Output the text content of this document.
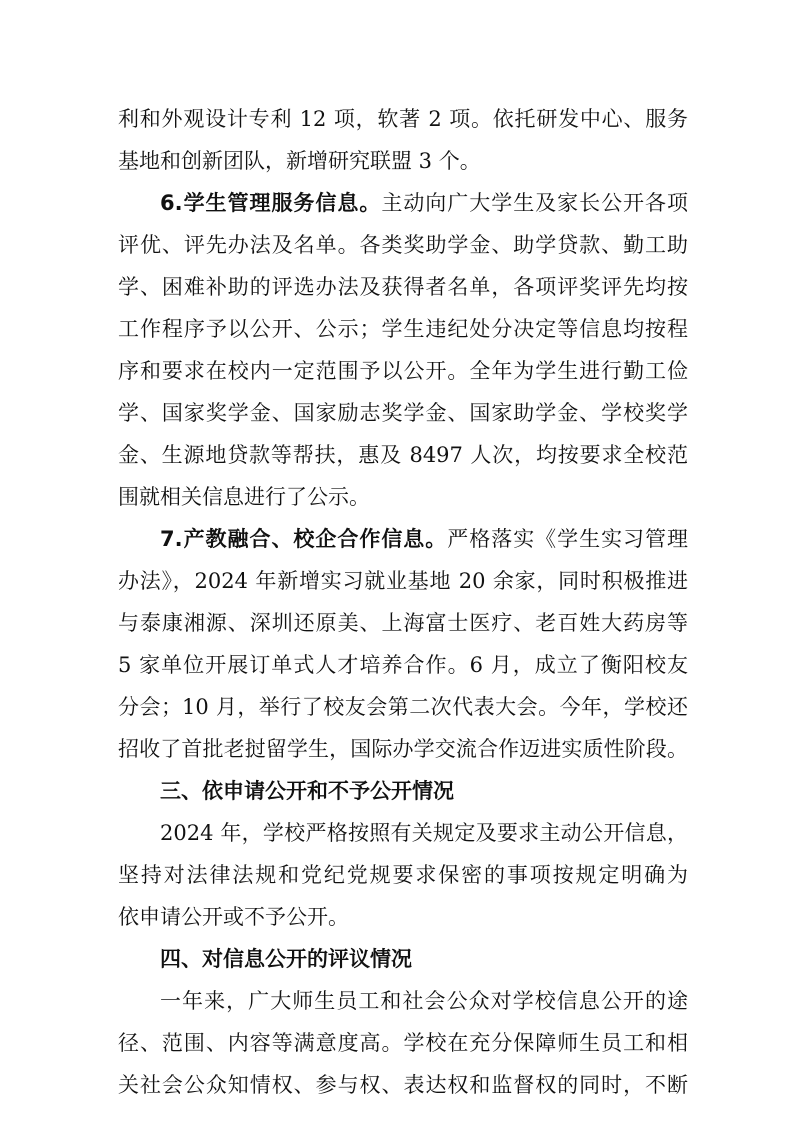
利和外观设计专利 12 项，软著 2 项。依托研发中心、服务
基地和创新团队，新增研究联盟 3 个。
6.学生管理服务信息。主动向广大学生及家长公开各项
评优、评先办法及名单。各类奖助学金、助学贷款、勤工助
学、困难补助的评选办法及获得者名单，各项评奖评先均按
工作程序予以公开、公示；学生违纪处分决定等信息均按程
序和要求在校内一定范围予以公开。全年为学生进行勤工俭
学、国家奖学金、国家励志奖学金、国家助学金、学校奖学
金、生源地贷款等帮扶，惠及 8497 人次，均按要求全校范
围就相关信息进行了公示。
7.产教融合、校企合作信息。严格落实《学生实习管理
办法》，2024 年新增实习就业基地 20 余家，同时积极推进
与泰康湘源、深圳还原美、上海富士医疗、老百姓大药房等
5 家单位开展订单式人才培养合作。6 月，成立了衡阳校友
分会；10 月，举行了校友会第二次代表大会。今年，学校还
招收了首批老挝留学生，国际办学交流合作迈进实质性阶段。
三、依申请公开和不予公开情况
2024 年，学校严格按照有关规定及要求主动公开信息，
坚持对法律法规和党纪党规要求保密的事项按规定明确为
依申请公开或不予公开。
四、对信息公开的评议情况
一年来，广大师生员工和社会公众对学校信息公开的途
径、范围、内容等满意度高。学校在充分保障师生员工和相
关社会公众知情权、参与权、表达权和监督权的同时，不断
